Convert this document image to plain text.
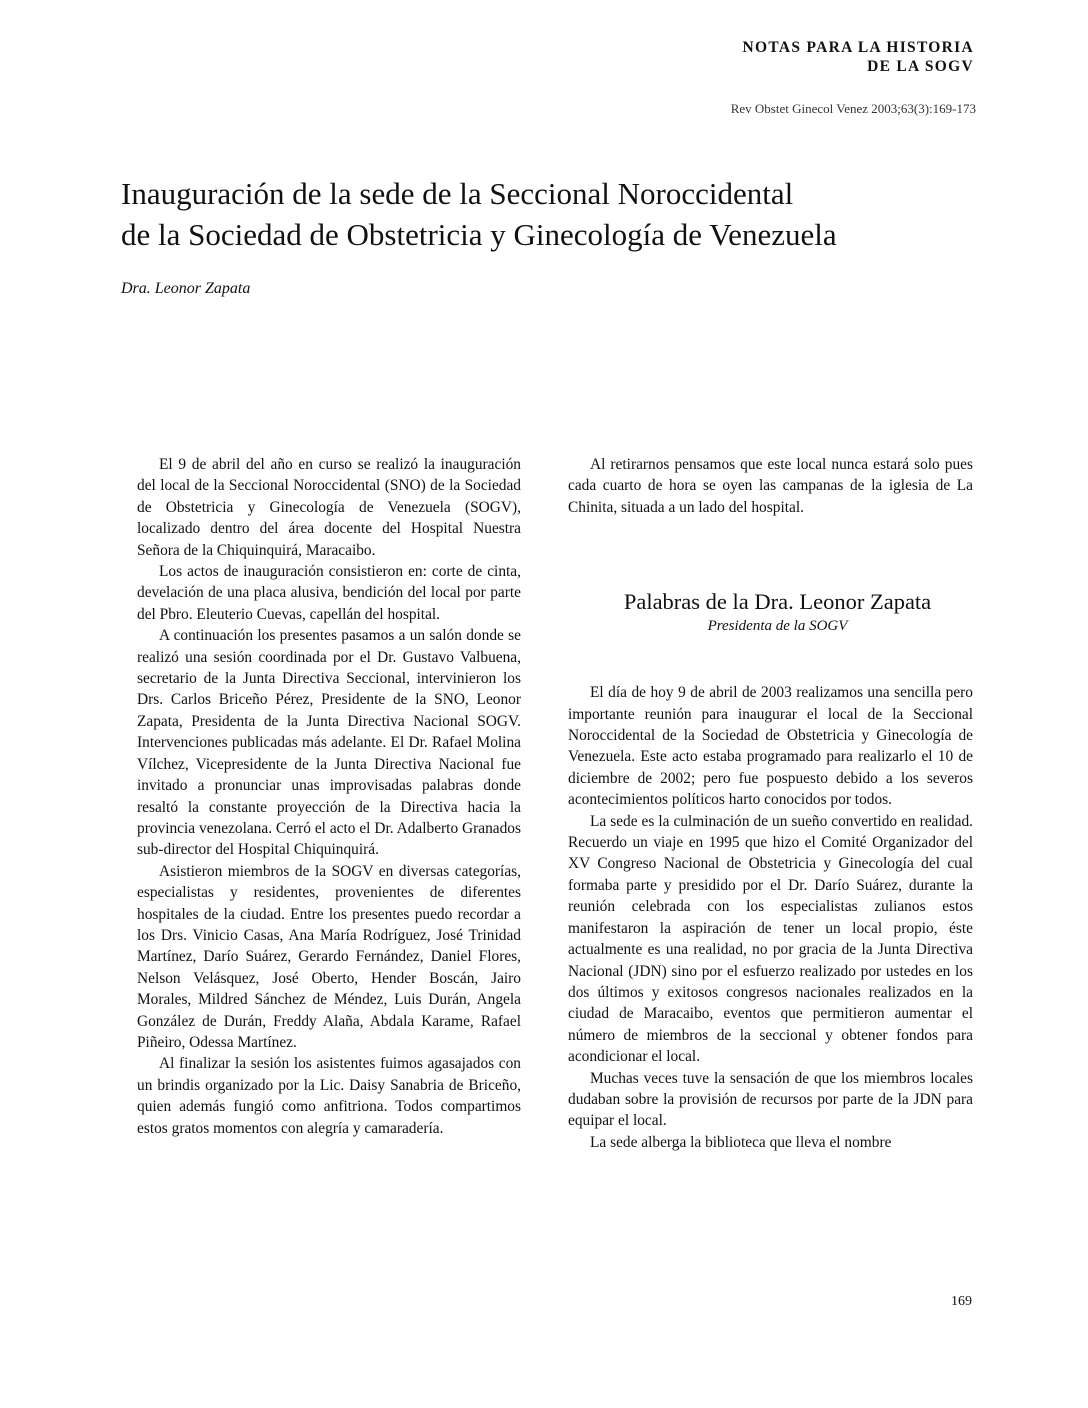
NOTAS PARA LA HISTORIA
DE LA SOGV
Rev Obstet Ginecol Venez 2003;63(3):169-173
Inauguración de la sede de la Seccional Noroccidental
de la Sociedad de Obstetricia y Ginecología de Venezuela
Dra. Leonor Zapata

El 9 de abril del año en curso se realizó la inauguración del local de la Seccional Noroccidental (SNO) de la Sociedad de Obstetricia y Ginecología de Venezuela (SOGV), localizado dentro del área docente del Hospital Nuestra Señora de la Chiquinquirá, Maracaibo.

Los actos de inauguración consistieron en: corte de cinta, develación de una placa alusiva, bendición del local por parte del Pbro. Eleuterio Cuevas, capellán del hospital.

A continuación los presentes pasamos a un salón donde se realizó una sesión coordinada por el Dr. Gustavo Valbuena, secretario de la Junta Directiva Seccional, intervinieron los Drs. Carlos Briceño Pérez, Presidente de la SNO, Leonor Zapata, Presidenta de la Junta Directiva Nacional SOGV. Intervenciones publicadas más adelante. El Dr. Rafael Molina Vílchez, Vicepresidente de la Junta Directiva Nacional fue invitado a pronunciar unas improvisadas palabras donde resaltó la constante proyección de la Directiva hacia la provincia venezolana. Cerró el acto el Dr. Adalberto Granados sub-director del Hospital Chiquinquirá.

Asistieron miembros de la SOGV en diversas categorías, especialistas y residentes, provenientes de diferentes hospitales de la ciudad. Entre los presentes puedo recordar a los Drs. Vinicio Casas, Ana María Rodríguez, José Trinidad Martínez, Darío Suárez, Gerardo Fernández, Daniel Flores, Nelson Velásquez, José Oberto, Hender Boscán, Jairo Morales, Mildred Sánchez de Méndez, Luis Durán, Angela González de Durán, Freddy Alaña, Abdala Karame, Rafael Piñeiro, Odessa Martínez.

Al finalizar la sesión los asistentes fuimos agasajados con un brindis organizado por la Lic. Daisy Sanabria de Briceño, quien además fungió como anfitriona. Todos compartimos estos gratos momentos con alegría y camaradería.

Al retirarnos pensamos que este local nunca estará solo pues cada cuarto de hora se oyen las campanas de la iglesia de La Chinita, situada a un lado del hospital.

Palabras de la Dra. Leonor Zapata
Presidenta de la SOGV

El día de hoy 9 de abril de 2003 realizamos una sencilla pero importante reunión para inaugurar el local de la Seccional Noroccidental de la Sociedad de Obstetricia y Ginecología de Venezuela. Este acto estaba programado para realizarlo el 10 de diciembre de 2002; pero fue pospuesto debido a los severos acontecimientos políticos harto conocidos por todos.

La sede es la culminación de un sueño convertido en realidad. Recuerdo un viaje en 1995 que hizo el Comité Organizador del XV Congreso Nacional de Obstetricia y Ginecología del cual formaba parte y presidido por el Dr. Darío Suárez, durante la reunión celebrada con los especialistas zulianos estos manifestaron la aspiración de tener un local propio, éste actualmente es una realidad, no por gracia de la Junta Directiva Nacional (JDN) sino por el esfuerzo realizado por ustedes en los dos últimos y exitosos congresos nacionales realizados en la ciudad de Maracaibo, eventos que permitieron aumentar el número de miembros de la seccional y obtener fondos para acondicionar el local.

Muchas veces tuve la sensación de que los miembros locales dudaban sobre la provisión de recursos por parte de la JDN para equipar el local.

La sede alberga la biblioteca que lleva el nombre

169
